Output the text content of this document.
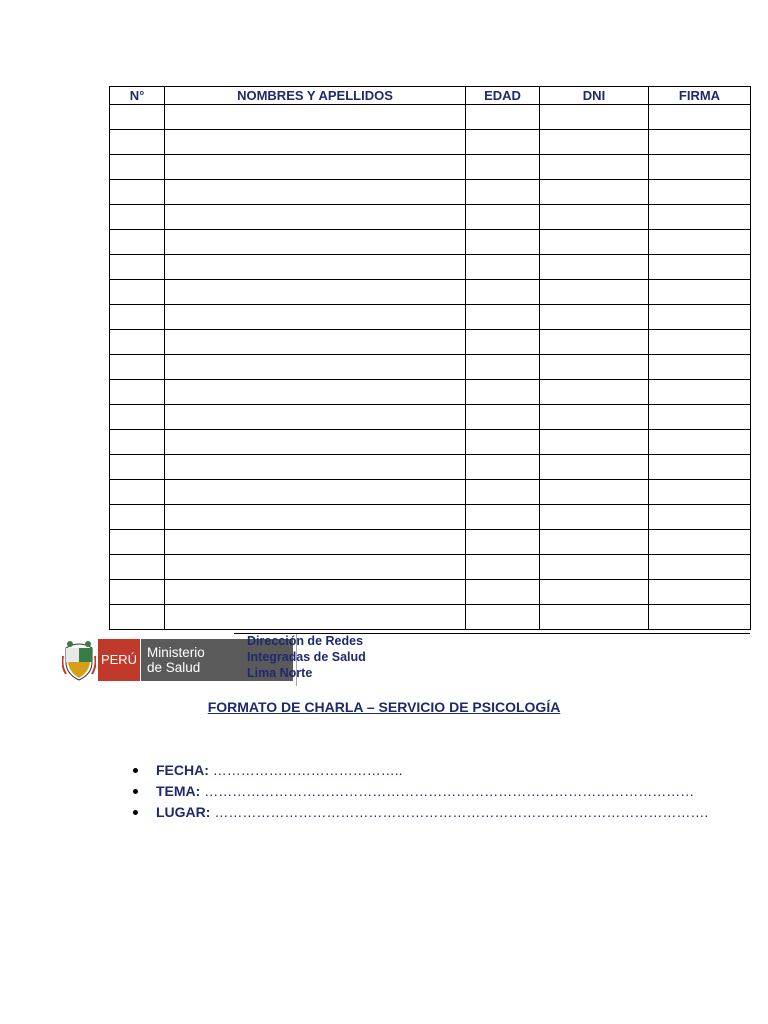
N°	NOMBRES Y APELLIDOS	EDAD	DNI	FIRMA

PERÚ Ministerio
de Salud
Dirección de Redes
Integradas de Salud
Lima Norte
FORMATO DE CHARLA – SERVICIO DE PSICOLOGÍA
FECHA: …………………………………..
TEMA: ……………………………………………………………………………………………
LUGAR: …………………………………………………………………………………………….
